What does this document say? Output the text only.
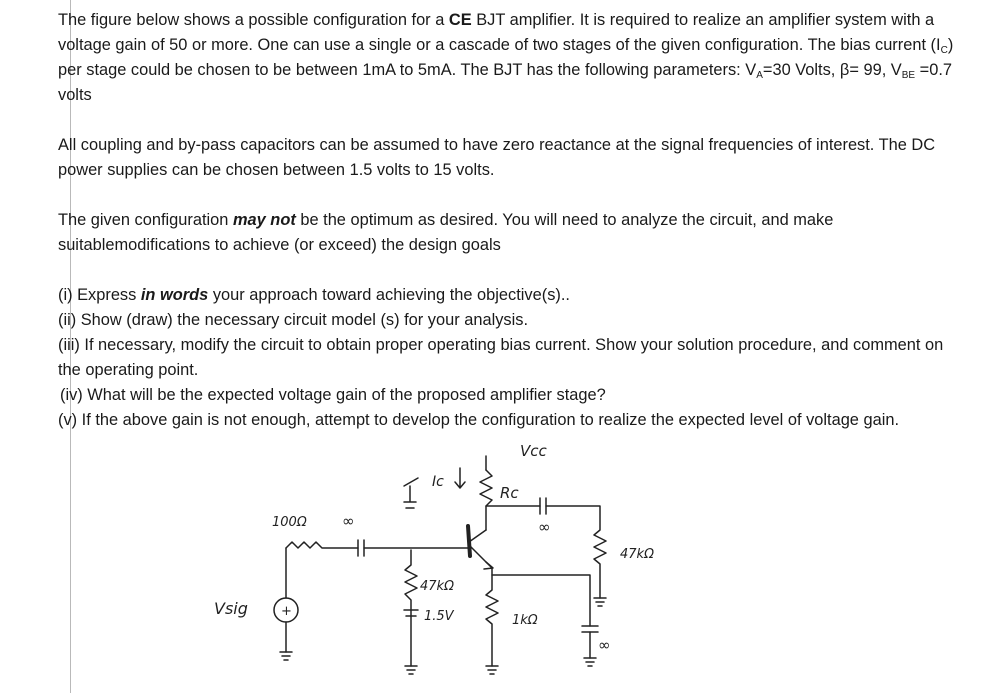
The figure below shows a possible configuration for a CE BJT amplifier. It is required to realize an amplifier system with a voltage gain of 50 or more. One can use a single or a cascade of two stages of the given configuration. The bias current $(I_C)$ per stage could be chosen to be between 1mA to 5mA. The BJT has the following parameters: $V_A=30$ Volts, β= 99, $V_{BE} =0.7$ volts

All coupling and by-pass capacitors can be assumed to have zero reactance at the signal frequencies of interest. The DC power supplies can be chosen between 1.5 volts to 15 volts.

The given configuration may not be the optimum as desired. You will need to analyze the circuit, and make suitablemodifications to achieve (or exceed) the design goals

(i) Express in words your approach toward achieving the objective(s)..

(ii) Show (draw) the necessary circuit model (s) for your analysis.

(iii) If necessary, modify the circuit to obtain proper operating bias current. Show your solution procedure, and comment on the operating point.

(iv) What will be the expected voltage gain of the proposed amplifier stage?

(v) If the above gain is not enough, attempt to develop the configuration to realize the expected level of voltage gain.

Vcc
Rc
Ic
100Ω ∞	∞
47kΩ
1.5V	1kΩ
∞
47kΩ
Vsig	+
